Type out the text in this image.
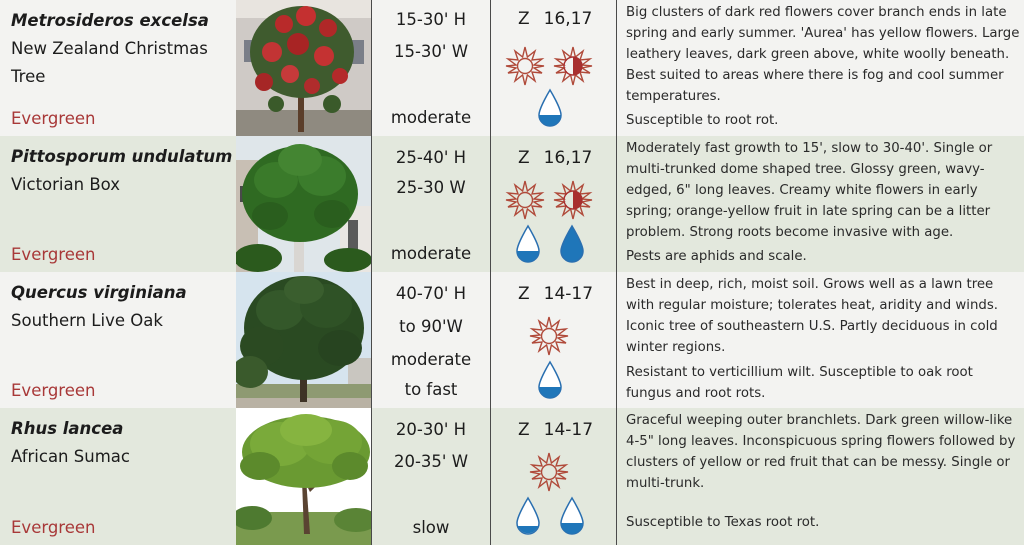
Metrosideros excelsa
New Zealand Christmas Tree
Evergreen
15-30' H
15-30' W
moderate
Z 16,17	Big clusters of dark red flowers cover branch ends in late spring and early summer. 'Aurea' has yellow flowers. Large leathery leaves, dark green above, white woolly beneath. Best suited to areas where there is fog and cool summer temperatures.

Susceptible to root rot.

Pittosporum undulatum
Victorian Box
Evergreen
25-40' H
25-30 W
moderate
Z 16,17	Moderately fast growth to 15', slow to 30-40'. Single or multi-trunked dome shaped tree. Glossy green, wavy-edged, 6" long leaves. Creamy white flowers in early spring; orange-yellow fruit in late spring can be a litter problem. Strong roots become invasive with age.

Pests are aphids and scale.

Quercus virginiana
Southern Live Oak
Evergreen
40-70' H
to 90'W
moderate
to fast
Z 14-17 Best in deep, rich, moist soil. Grows well as a lawn tree with regular moisture; tolerates heat, aridity and winds. Iconic tree of southeastern U.S. Partly deciduous in cold winter regions.

Resistant to verticillium wilt. Susceptible to oak root fungus and root rots.

Rhus lancea
African Sumac
Evergreen
20-30' H
20-35' W
slow
Z 14-17 Graceful weeping outer branchlets. Dark green willow-like 4-5" long leaves. Inconspicuous spring flowers followed by clusters of yellow or red fruit that can be messy. Single or multi-trunk.

Susceptible to Texas root rot.
